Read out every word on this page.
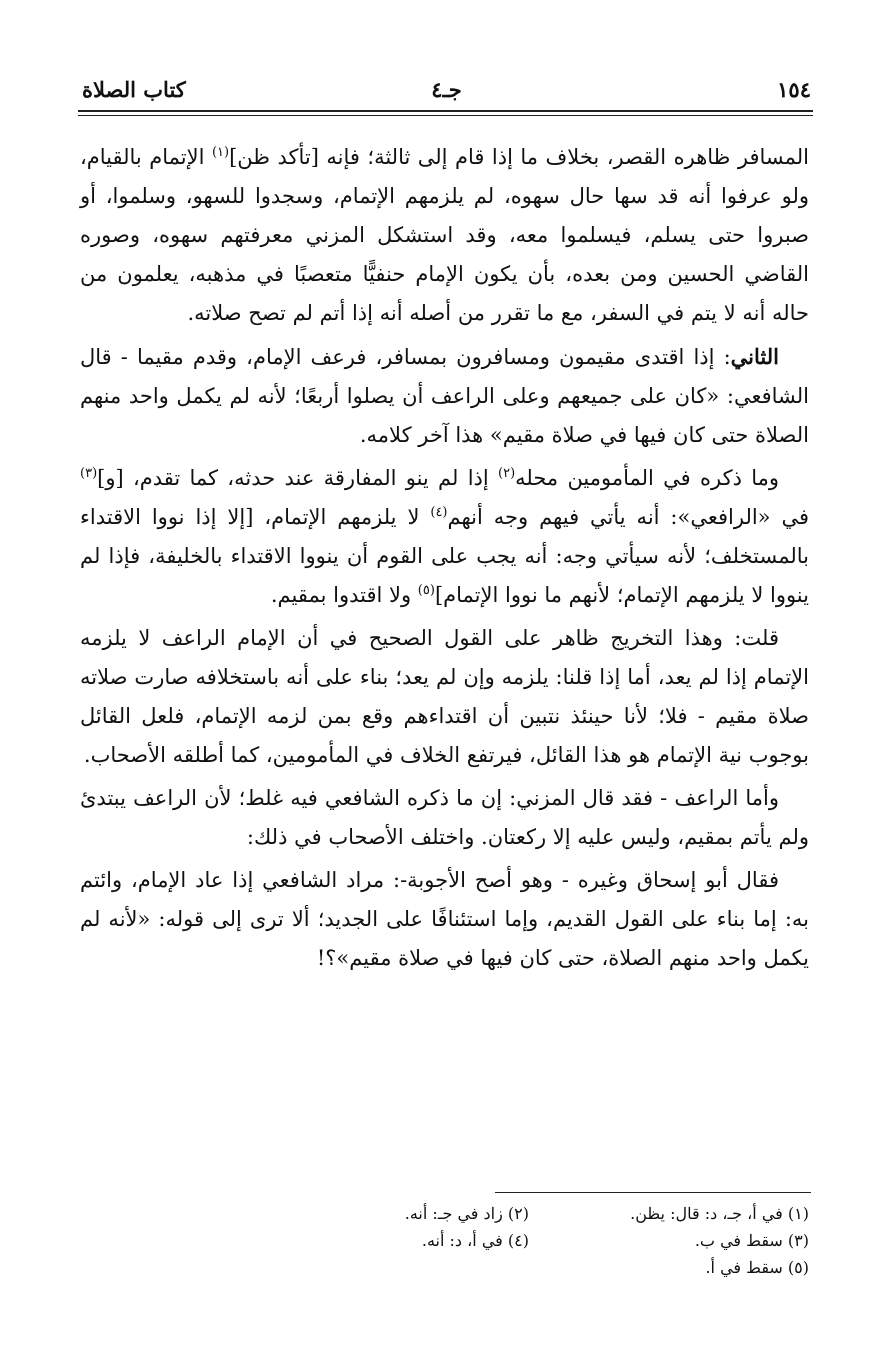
١٥٤
جـ٤
كتاب الصلاة

المسافر ظاهره القصر، بخلاف ما إذا قام إلى ثالثة؛ فإنه [تأكد ظن]$^{(١)}$ الإتمام بالقيام، ولو عرفوا أنه قد سها حال سهوه، لم يلزمهم الإتمام، وسجدوا للسهو، وسلموا، أو صبروا حتى يسلم، فيسلموا معه، وقد استشكل المزني معرفتهم سهوه، وصوره القاضي الحسين ومن بعده، بأن يكون الإمام حنفيًّا متعصبًا في مذهبه، يعلمون من حاله أنه لا يتم في السفر، مع ما تقرر من أصله أنه إذا أتم لم تصح صلاته.

الثاني: إذا اقتدى مقيمون ومسافرون بمسافر، فرعف الإمام، وقدم مقيما - قال الشافعي: «كان على جميعهم وعلى الراعف أن يصلوا أربعًا؛ لأنه لم يكمل واحد منهم الصلاة حتى كان فيها في صلاة مقيم» هذا آخر كلامه.

وما ذكره في المأمومين محله$^{(٢)}$ إذا لم ينو المفارقة عند حدثه، كما تقدم، [و]$^{(٣)}$ في «الرافعي»: أنه يأتي فيهم وجه أنهم$^{(٤)}$ لا يلزمهم الإتمام، [إلا إذا نووا الاقتداء بالمستخلف؛ لأنه سيأتي وجه: أنه يجب على القوم أن ينووا الاقتداء بالخليفة، فإذا لم ينووا لا يلزمهم الإتمام؛ لأنهم ما نووا الإتمام]$^{(٥)}$ ولا اقتدوا بمقيم.

قلت: وهذا التخريج ظاهر على القول الصحيح في أن الإمام الراعف لا يلزمه الإتمام إذا لم يعد، أما إذا قلنا: يلزمه وإن لم يعد؛ بناء على أنه باستخلافه صارت صلاته صلاة مقيم - فلا؛ لأنا حينئذ نتبين أن اقتداءهم وقع بمن لزمه الإتمام، فلعل القائل بوجوب نية الإتمام هو هذا القائل، فيرتفع الخلاف في المأمومين، كما أطلقه الأصحاب.

وأما الراعف - فقد قال المزني: إن ما ذكره الشافعي فيه غلط؛ لأن الراعف يبتدئ ولم يأتم بمقيم، وليس عليه إلا ركعتان. واختلف الأصحاب في ذلك:

فقال أبو إسحاق وغيره - وهو أصح الأجوبة-: مراد الشافعي إذا عاد الإمام، وائتم به: إما بناء على القول القديم، وإما استئنافًا على الجديد؛ ألا ترى إلى قوله: «لأنه لم يكمل واحد منهم الصلاة، حتى كان فيها في صلاة مقيم»؟!

(١) في أ، جـ، د: قال: يظن.
(٢) زاد في جـ: أنه.
(٣) سقط في ب.
(٤) في أ، د: أنه.
(٥) سقط في أ.
